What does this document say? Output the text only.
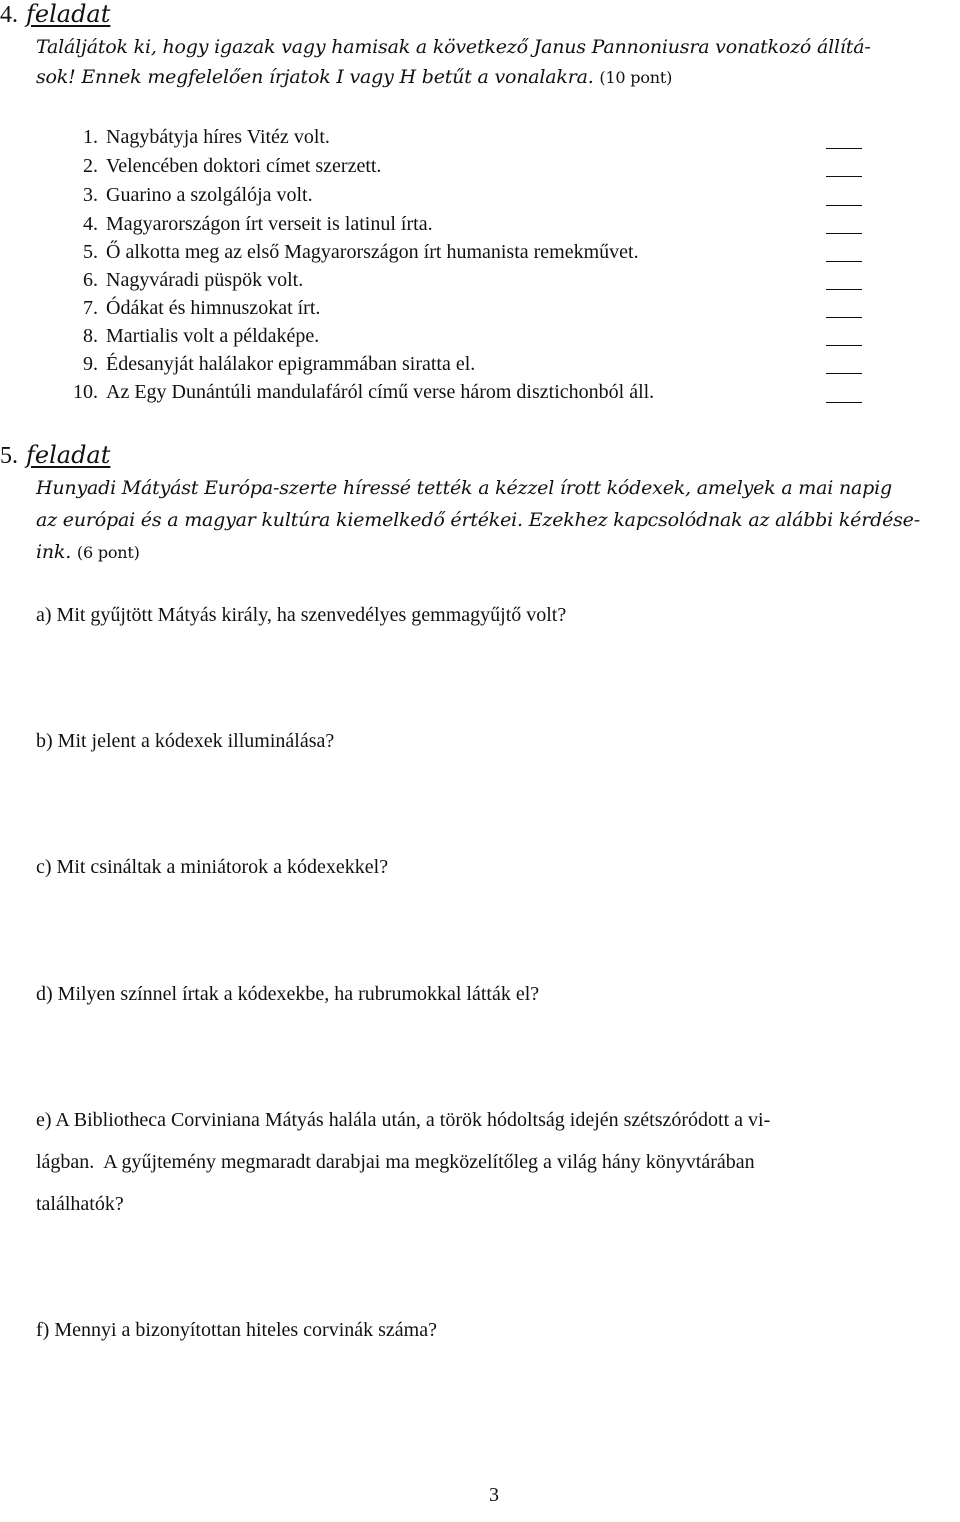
4. feladat
Találjátok ki, hogy igazak vagy hamisak a következő Janus Pannoniusra vonatkozó állítá-
sok! Ennek megfelelően írjatok I vagy H betűt a vonalakra. (10 pont)
1. Nagybátyja híres Vitéz volt.
2. Velencében doktori címet szerzett.
3. Guarino a szolgálója volt.
4. Magyarországon írt verseit is latinul írta.
5. Ő alkotta meg az első Magyarországon írt humanista remekművet.
6. Nagyváradi püspök volt.
7. Ódákat és himnuszokat írt.
8. Martialis volt a példaképe.
9. Édesanyját halálakor epigrammában siratta el.
10. Az Egy Dunántúli mandulafáról című verse három disztichonból áll.
5. feladat
Hunyadi Mátyást Európa-szerte híressé tették a kézzel írott kódexek, amelyek a mai napig
az európai és a magyar kultúra kiemelkedő értékei. Ezekhez kapcsolódnak az alábbi kérdése-
ink. (6 pont)
a) Mit gyűjtött Mátyás király, ha szenvedélyes gemmagyűjtő volt?
b) Mit jelent a kódexek illuminálása?
c) Mit csináltak a miniátorok a kódexekkel?
d) Milyen színnel írtak a kódexekbe, ha rubrumokkal látták el?
e) A Bibliotheca Corviniana Mátyás halála után, a török hódoltság idején szétszóródott a vi-
lágban.  A gyűjtemény megmaradt darabjai ma megközelítőleg a világ hány könyvtárában
találhatók?
f) Mennyi a bizonyítottan hiteles corvinák száma?
3
